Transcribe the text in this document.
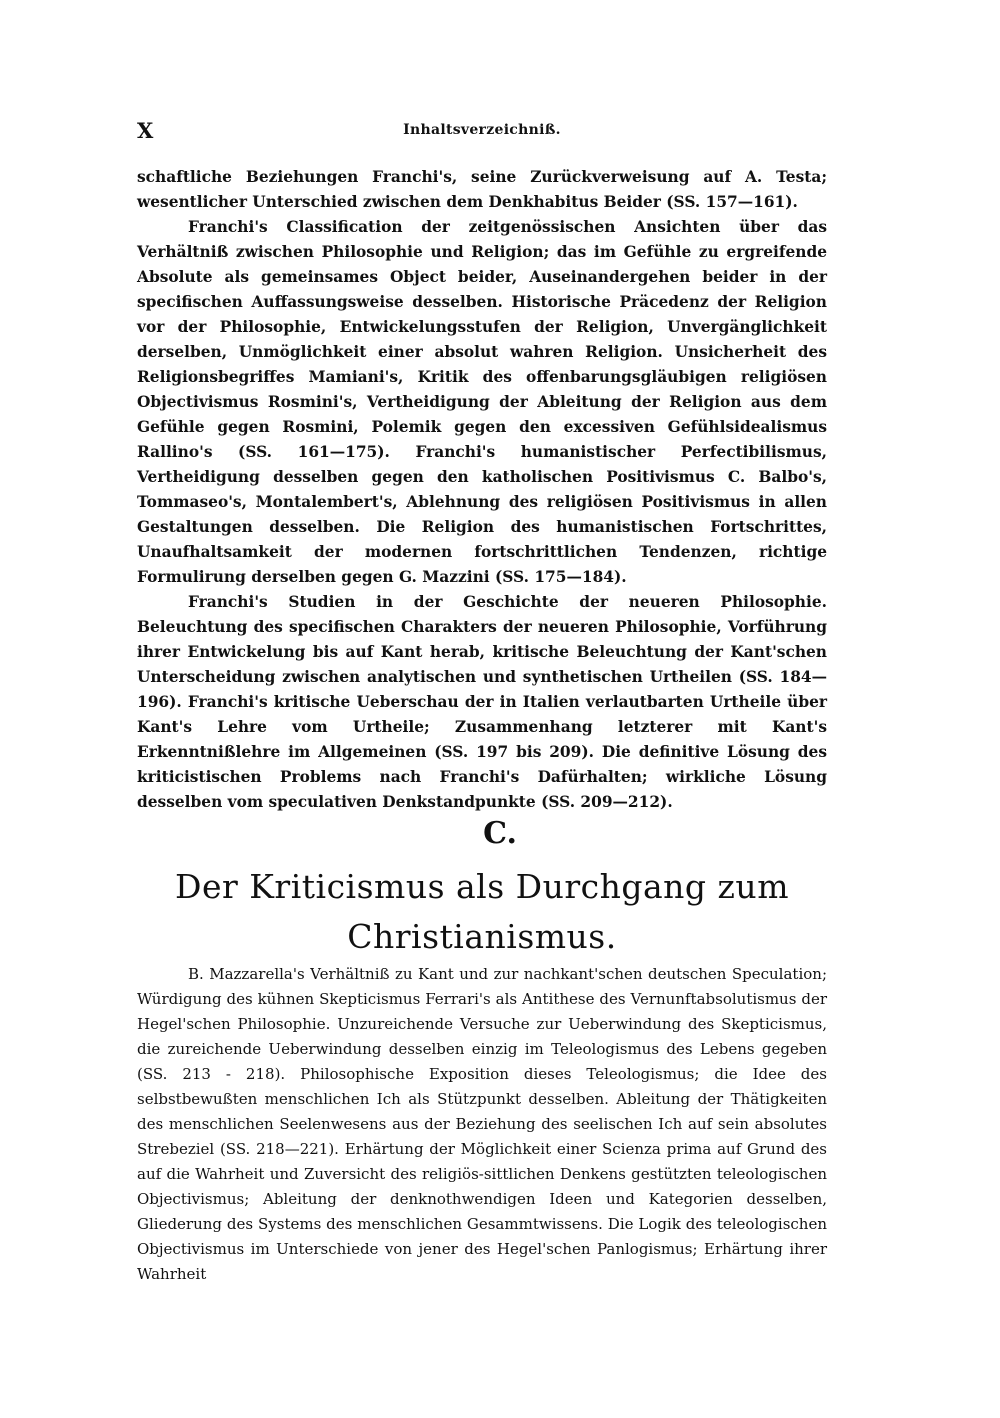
X	Inhaltsverzeichniß.

schaftliche Beziehungen Franchi's, seine Zurückverweisung auf A. Testa; wesentlicher Unterschied zwischen dem Denkhabitus Beider (SS. 157—161).

Franchi's Classification der zeitgenössischen Ansichten über das Verhältniß zwischen Philosophie und Religion; das im Gefühle zu ergreifende Absolute als gemeinsames Object beider, Auseinandergehen beider in der specifischen Auffassungsweise desselben. Historische Präcedenz der Religion vor der Philosophie, Entwickelungsstufen der Religion, Unvergänglichkeit derselben, Unmöglichkeit einer absolut wahren Religion. Unsicherheit des Religionsbegriffes Mamiani's, Kritik des offenbarungsgläubigen religiösen Objectivismus Rosmini's, Vertheidigung der Ableitung der Religion aus dem Gefühle gegen Rosmini, Polemik gegen den excessiven Gefühlsidealismus Rallino's (SS. 161—175). Franchi's humanistischer Perfectibilismus, Vertheidigung desselben gegen den katholischen Positivismus C. Balbo's, Tommaseo's, Montalembert's, Ablehnung des religiösen Positivismus in allen Gestaltungen desselben. Die Religion des humanistischen Fortschrittes, Unaufhaltsamkeit der modernen fortschrittlichen Tendenzen, richtige Formulirung derselben gegen G. Mazzini (SS. 175—184).

Franchi's Studien in der Geschichte der neueren Philosophie. Beleuchtung des specifischen Charakters der neueren Philosophie, Vorführung ihrer Entwickelung bis auf Kant herab, kritische Beleuchtung der Kant'schen Unterscheidung zwischen analytischen und synthetischen Urtheilen (SS. 184—196). Franchi's kritische Ueberschau der in Italien verlautbarten Urtheile über Kant's Lehre vom Urtheile; Zusammenhang letzterer mit Kant's Erkenntnißlehre im Allgemeinen (SS. 197 bis 209). Die definitive Lösung des kriticistischen Problems nach Franchi's Dafürhalten; wirkliche Lösung desselben vom speculativen Denkstandpunkte (SS. 209—212).

C.
Der Kriticismus als Durchgang zum
Christianismus.

B. Mazzarella's Verhältniß zu Kant und zur nachkant'schen deutschen Speculation; Würdigung des kühnen Skepticismus Ferrari's als Antithese des Vernunftabsolutismus der Hegel'schen Philosophie. Unzureichende Versuche zur Ueberwindung des Skepticismus, die zureichende Ueberwindung desselben einzig im Teleologismus des Lebens gegeben (SS. 213 - 218). Philosophische Exposition dieses Teleologismus; die Idee des selbstbewußten menschlichen Ich als Stützpunkt desselben. Ableitung der Thätigkeiten des menschlichen Seelenwesens aus der Beziehung des seelischen Ich auf sein absolutes Strebeziel (SS. 218—221). Erhärtung der Möglichkeit einer Scienza prima auf Grund des auf die Wahrheit und Zuversicht des religiös-sittlichen Denkens gestützten teleologischen Objectivismus; Ableitung der denknothwendigen Ideen und Kategorien desselben, Gliederung des Systems des menschlichen Gesammtwissens. Die Logik des teleologischen Objectivismus im Unterschiede von jener des Hegel'schen Panlogismus; Erhärtung ihrer Wahrheit
